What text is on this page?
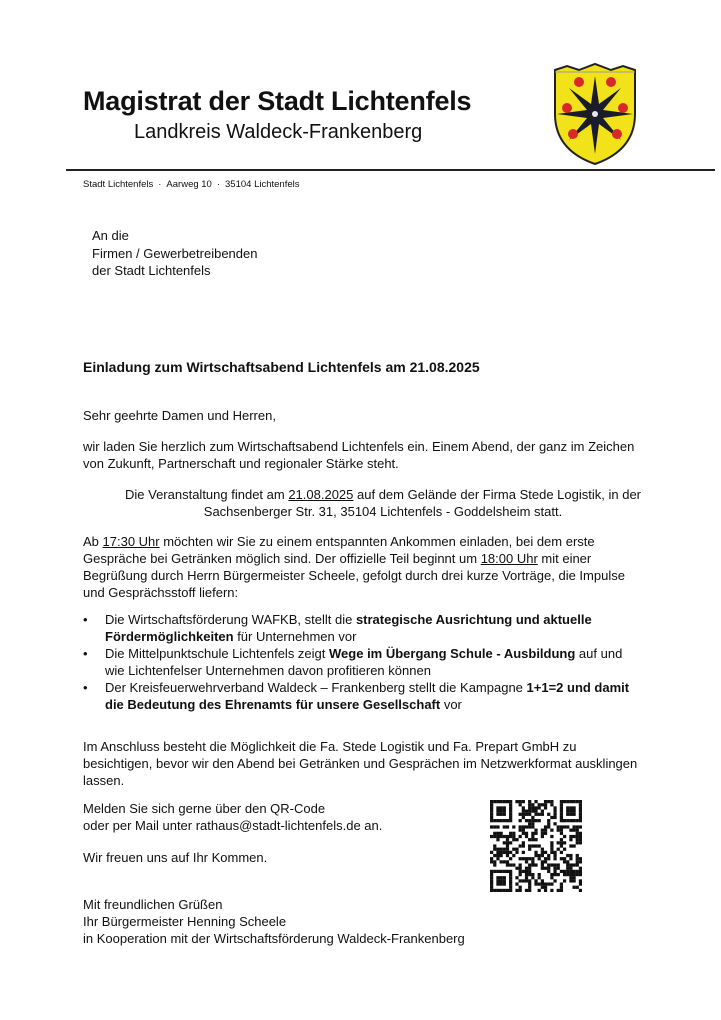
Magistrat der Stadt Lichtenfels
Landkreis Waldeck-Frankenberg
Stadt Lichtenfels · Aarweg 10 · 35104 Lichtenfels
An die
Firmen / Gewerbetreibenden
der Stadt Lichtenfels
Einladung zum Wirtschaftsabend Lichtenfels am 21.08.2025
Sehr geehrte Damen und Herren,
wir laden Sie herzlich zum Wirtschaftsabend Lichtenfels ein. Einem Abend, der ganz im Zeichen von Zukunft, Partnerschaft und regionaler Stärke steht.
Die Veranstaltung findet am 21.08.2025 auf dem Gelände der Firma Stede Logistik, in der
Sachsenberger Str. 31, 35104 Lichtenfels - Goddelsheim statt.
Ab 17:30 Uhr möchten wir Sie zu einem entspannten Ankommen einladen, bei dem erste Gespräche bei Getränken möglich sind. Der offizielle Teil beginnt um 18:00 Uhr mit einer Begrüßung durch Herrn Bürgermeister Scheele, gefolgt durch drei kurze Vorträge, die Impulse und Gesprächsstoff liefern:
• Die Wirtschaftsförderung WAFKB, stellt die strategische Ausrichtung und aktuelle Fördermöglichkeiten für Unternehmen vor
• Die Mittelpunktschule Lichtenfels zeigt Wege im Übergang Schule - Ausbildung auf und wie Lichtenfelser Unternehmen davon profitieren können
• Der Kreisfeuerwehrverband Waldeck – Frankenberg stellt die Kampagne 1+1=2 und damit die Bedeutung des Ehrenamts für unsere Gesellschaft vor
Im Anschluss besteht die Möglichkeit die Fa. Stede Logistik und Fa. Prepart GmbH zu besichtigen, bevor wir den Abend bei Getränken und Gesprächen im Netzwerkformat ausklingen lassen.
Melden Sie sich gerne über den QR-Code
oder per Mail unter rathaus@stadt-lichtenfels.de an.
Wir freuen uns auf Ihr Kommen.
Mit freundlichen Grüßen
Ihr Bürgermeister Henning Scheele
in Kooperation mit der Wirtschaftsförderung Waldeck-Frankenberg
